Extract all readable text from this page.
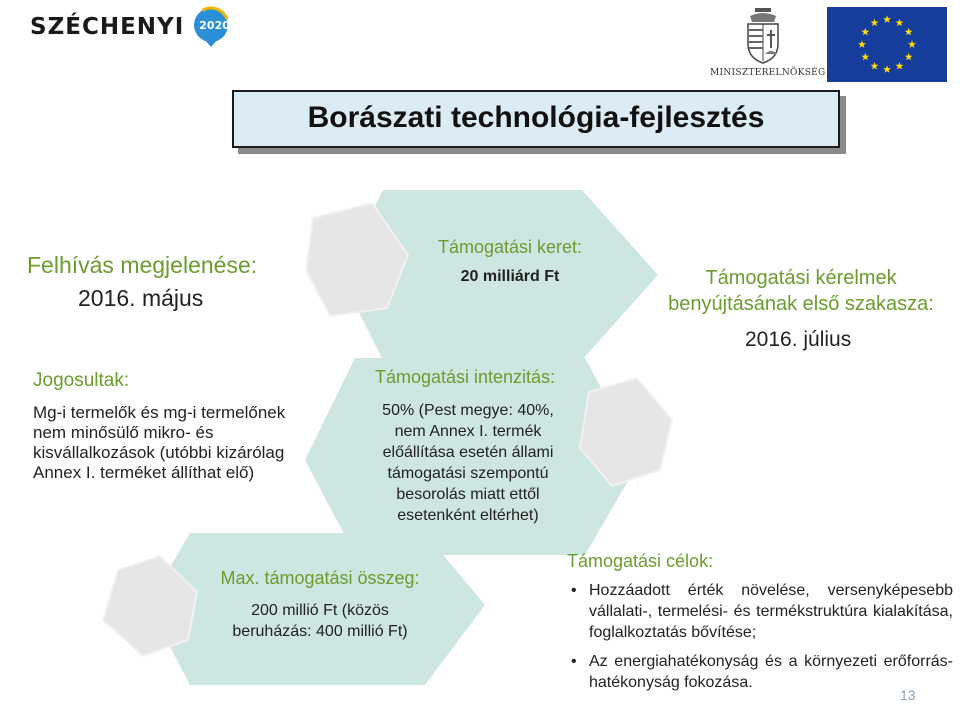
SZÉCHENYI 2020
MINISZTERELNÖKSÉG
Borászati technológia-fejlesztés
Felhívás megjelenése:
2016. május
Jogosultak:
Mg-i termelők és mg-i termelőnek nem minősülő mikro- és kisvállalkozások (utóbbi kizárólag Annex I. terméket állíthat elő)
Támogatási keret:
20 milliárd Ft
Támogatási intenzitás:
50% (Pest megye: 40%, nem Annex I. termék előállítása esetén állami támogatási szempontú besorolás miatt ettől esetenként eltérhet)
Max. támogatási összeg:
200 millió Ft (közös beruházás: 400 millió Ft)
Támogatási kérelmek benyújtásának első szakasza:
2016. július
Támogatási célok:
• Hozzáadott érték növelése, versenyképesebb vállalati-, termelési- és termékstruktúra kialakítása, foglalkoztatás bővítése;
• Az energiahatékonyság és a környezeti erőforrás-hatékonyság fokozása.
13
